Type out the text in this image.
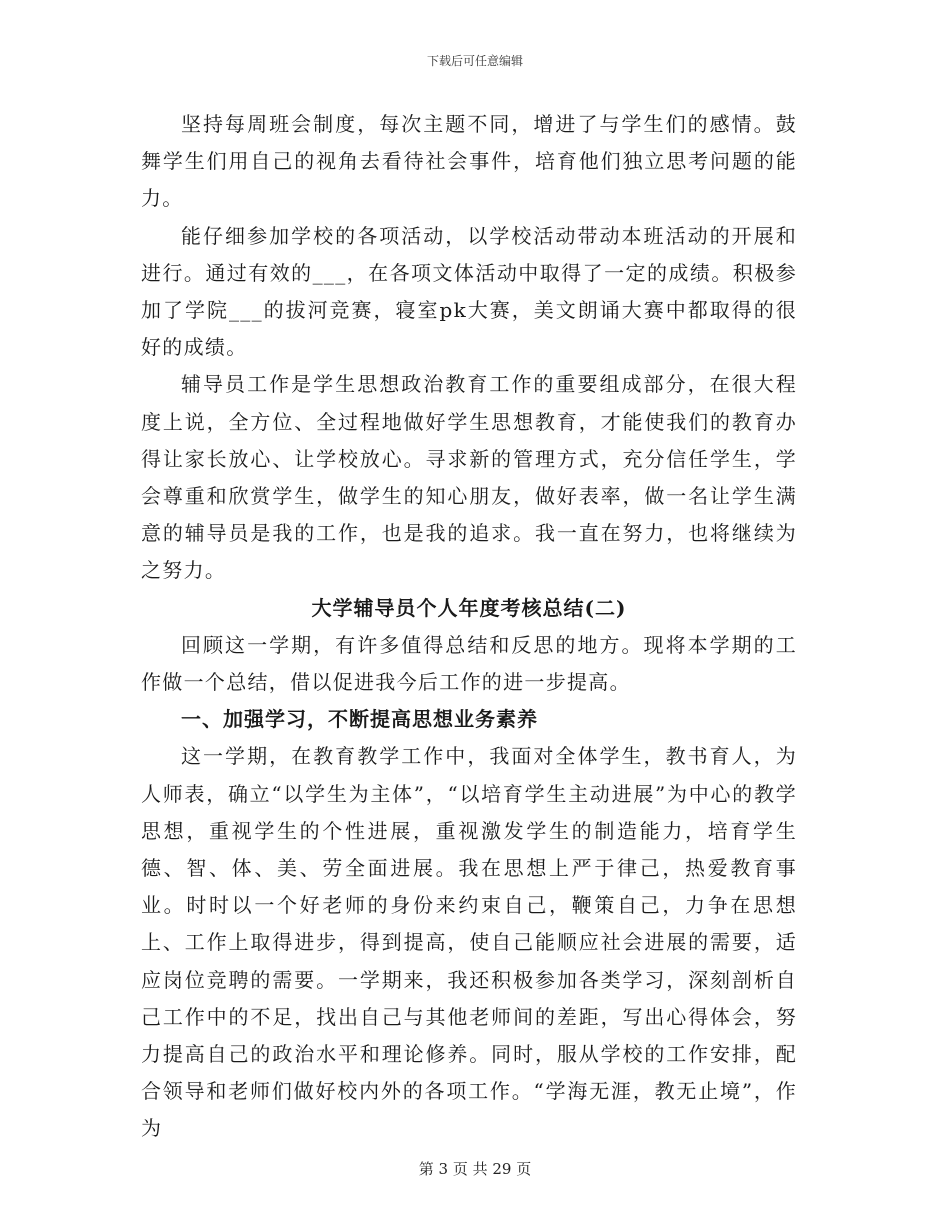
下载后可任意编辑

坚持每周班会制度，每次主题不同，增进了与学生们的感情。鼓舞学生们用自己的视角去看待社会事件，培育他们独立思考问题的能力。

能仔细参加学校的各项活动，以学校活动带动本班活动的开展和进行。通过有效的___，在各项文体活动中取得了一定的成绩。积极参加了学院___的拔河竞赛，寝室pk大赛，美文朗诵大赛中都取得的很好的成绩。

辅导员工作是学生思想政治教育工作的重要组成部分，在很大程度上说，全方位、全过程地做好学生思想教育，才能使我们的教育办得让家长放心、让学校放心。寻求新的管理方式，充分信任学生，学会尊重和欣赏学生，做学生的知心朋友，做好表率，做一名让学生满意的辅导员是我的工作，也是我的追求。我一直在努力，也将继续为之努力。

大学辅导员个人年度考核总结(二)

回顾这一学期，有许多值得总结和反思的地方。现将本学期的工作做一个总结，借以促进我今后工作的进一步提高。

一、加强学习，不断提高思想业务素养

这一学期，在教育教学工作中，我面对全体学生，教书育人，为人师表，确立“以学生为主体”，“以培育学生主动进展”为中心的教学思想，重视学生的个性进展，重视激发学生的制造能力，培育学生德、智、体、美、劳全面进展。我在思想上严于律己，热爱教育事业。时时以一个好老师的身份来约束自己，鞭策自己，力争在思想上、工作上取得进步，得到提高，使自己能顺应社会进展的需要，适应岗位竞聘的需要。一学期来，我还积极参加各类学习，深刻剖析自己工作中的不足，找出自己与其他老师间的差距，写出心得体会，努力提高自己的政治水平和理论修养。同时，服从学校的工作安排，配合领导和老师们做好校内外的各项工作。“学海无涯，教无止境”，作为

第 3 页 共 29 页
